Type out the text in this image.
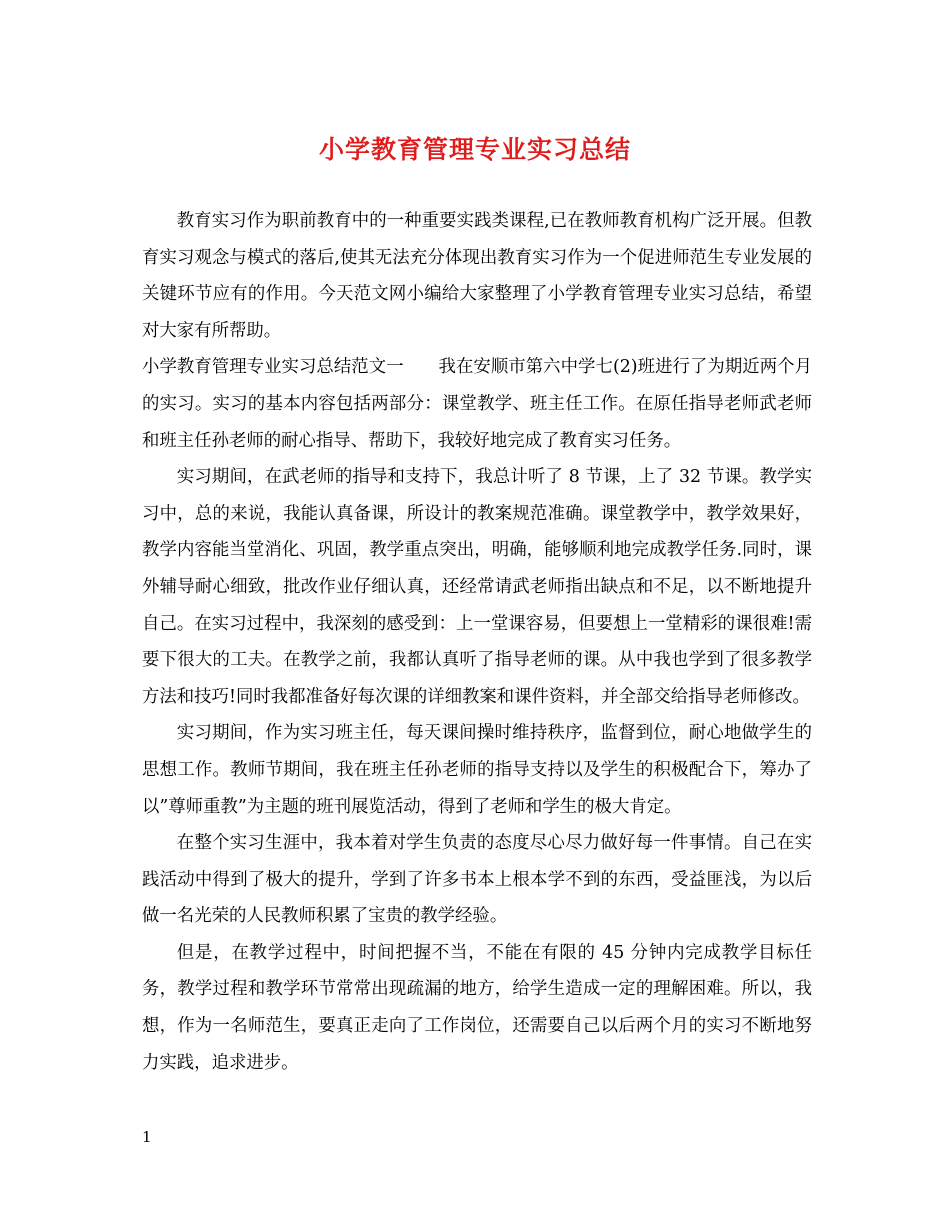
小学教育管理专业实习总结

教育实习作为职前教育中的一种重要实践类课程,已在教师教育机构广泛开展。但教育实习观念与模式的落后,使其无法充分体现出教育实习作为一个促进师范生专业发展的关键环节应有的作用。今天范文网小编给大家整理了小学教育管理专业实习总结，希望对大家有所帮助。

小学教育管理专业实习总结范文一　　我在安顺市第六中学七(2)班进行了为期近两个月的实习。实习的基本内容包括两部分：课堂教学、班主任工作。在原任指导老师武老师和班主任孙老师的耐心指导、帮助下，我较好地完成了教育实习任务。

实习期间，在武老师的指导和支持下，我总计听了 8 节课，上了 32 节课。教学实习中，总的来说，我能认真备课，所设计的教案规范准确。课堂教学中，教学效果好，教学内容能当堂消化、巩固，教学重点突出，明确，能够顺利地完成教学任务.同时，课外辅导耐心细致，批改作业仔细认真，还经常请武老师指出缺点和不足，以不断地提升自己。在实习过程中，我深刻的感受到：上一堂课容易，但要想上一堂精彩的课很难!需要下很大的工夫。在教学之前，我都认真听了指导老师的课。从中我也学到了很多教学方法和技巧!同时我都准备好每次课的详细教案和课件资料，并全部交给指导老师修改。

实习期间，作为实习班主任，每天课间操时维持秩序，监督到位，耐心地做学生的思想工作。教师节期间，我在班主任孙老师的指导支持以及学生的积极配合下，筹办了以”尊师重教”为主题的班刊展览活动，得到了老师和学生的极大肯定。

在整个实习生涯中，我本着对学生负责的态度尽心尽力做好每一件事情。自己在实践活动中得到了极大的提升，学到了许多书本上根本学不到的东西，受益匪浅，为以后做一名光荣的人民教师积累了宝贵的教学经验。

但是，在教学过程中，时间把握不当，不能在有限的 45 分钟内完成教学目标任务，教学过程和教学环节常常出现疏漏的地方，给学生造成一定的理解困难。所以，我想，作为一名师范生，要真正走向了工作岗位，还需要自己以后两个月的实习不断地努力实践，追求进步。

1
